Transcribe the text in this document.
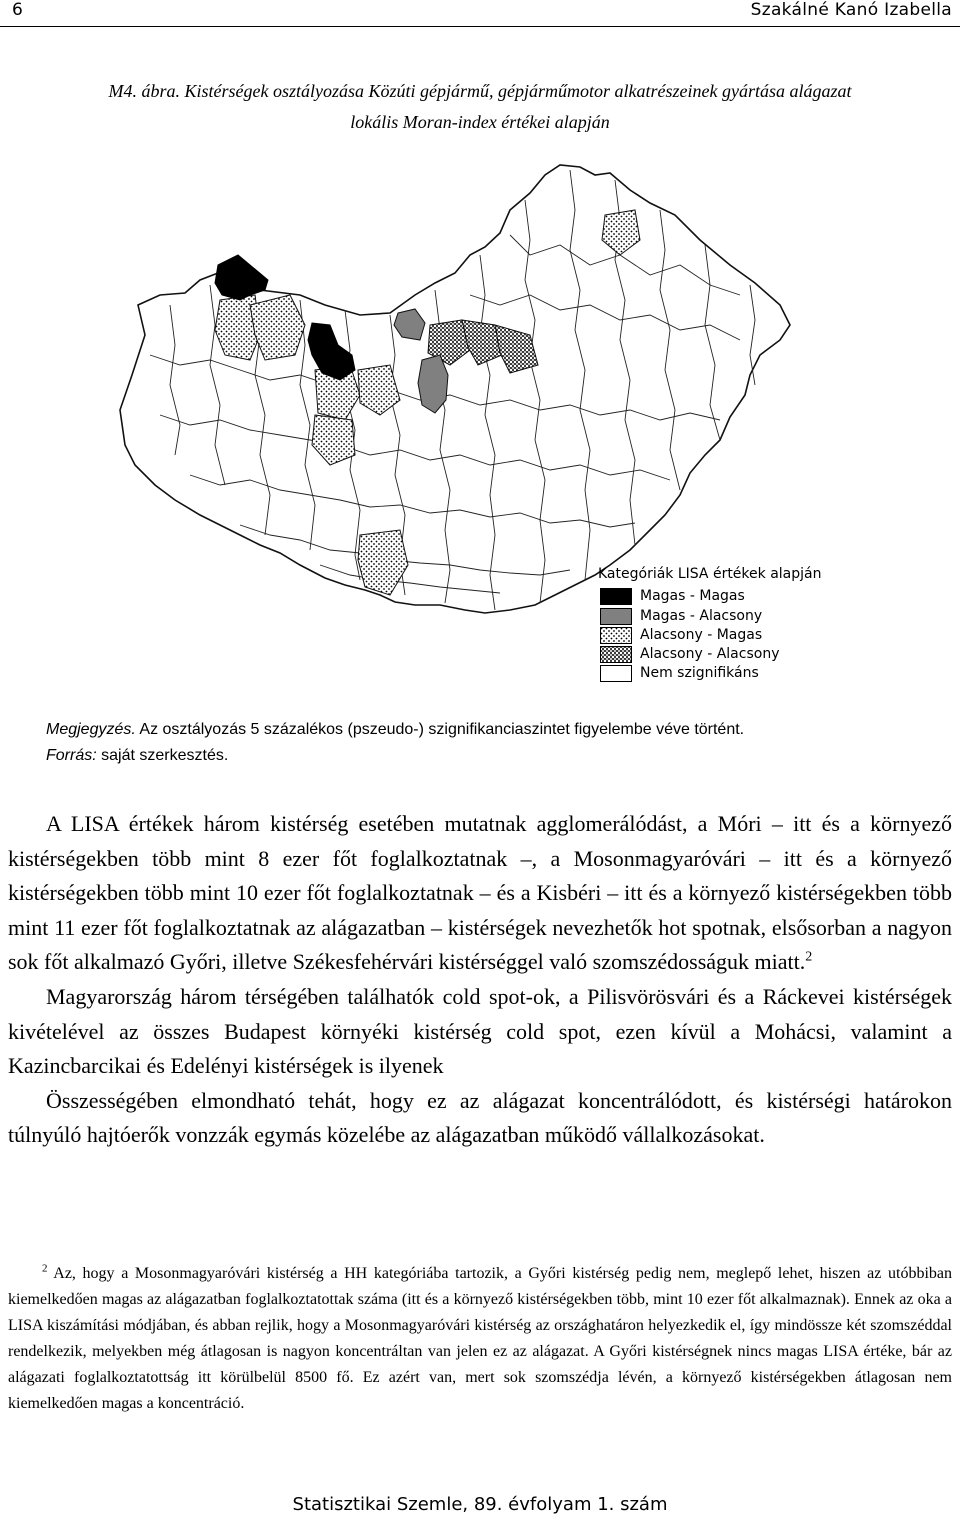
6	Szakálné Kanó Izabella
M4. ábra. Kistérségek osztályozása Közúti gépjármű, gépjárműmotor alkatrészeinek gyártása alágazat
lokális Moran-index értékei alapján
Kategóriák LISA értékek alapján
Magas - Magas
Magas - Alacsony
Alacsony - Magas
Alacsony - Alacsony
Nem szignifikáns
Megjegyzés. Az osztályozás 5 százalékos (pszeudo-) szignifikanciaszintet figyelembe véve történt.
Forrás: saját szerkesztés.

A LISA értékek három kistérség esetében mutatnak agglomerálódást, a Móri – itt és a környező kistérségekben több mint 8 ezer főt foglalkoztatnak –, a Mosonmagyaróvári – itt és a környező kistérségekben több mint 10 ezer főt foglalkoztatnak – és a Kisbéri – itt és a környező kistérségekben több mint 11 ezer főt foglalkoztatnak az alágazatban – kistérségek nevezhetők hot spotnak, elsősorban a nagyon sok főt alkalmazó Győri, illetve Székesfehérvári kistérséggel való szomszédosságuk miatt.$^2$

Magyarország három térségében találhatók cold spot-ok, a Pilisvörösvári és a Ráckevei kistérségek kivételével az összes Budapest környéki kistérség cold spot, ezen kívül a Mohácsi, valamint a Kazincbarcikai és Edelényi kistérségek is ilyenek

Összességében elmondható tehát, hogy ez az alágazat koncentrálódott, és kistérségi határokon túlnyúló hajtóerők vonzzák egymás közelébe az alágazatban működő vállalkozásokat.

$^2$ Az, hogy a Mosonmagyaróvári kistérség a HH kategóriába tartozik, a Győri kistérség pedig nem, meglepő lehet, hiszen az utóbbiban kiemelkedően magas az alágazatban foglalkoztatottak száma (itt és a környező kistérségekben több, mint 10 ezer főt alkalmaznak). Ennek az oka a LISA kiszámítási módjában, és abban rejlik, hogy a Mosonmagyaróvári kistérség az országhatáron helyezkedik el, így mindössze két szomszéddal rendelkezik, melyekben még átlagosan is nagyon koncentráltan van jelen ez az alágazat. A Győri kistérségnek nincs magas LISA értéke, bár az alágazati foglalkoztatottság itt körülbelül 8500 fő. Ez azért van, mert sok szomszédja lévén, a környező kistérségekben átlagosan nem kiemelkedően magas a koncentráció.

Statisztikai Szemle, 89. évfolyam 1. szám
